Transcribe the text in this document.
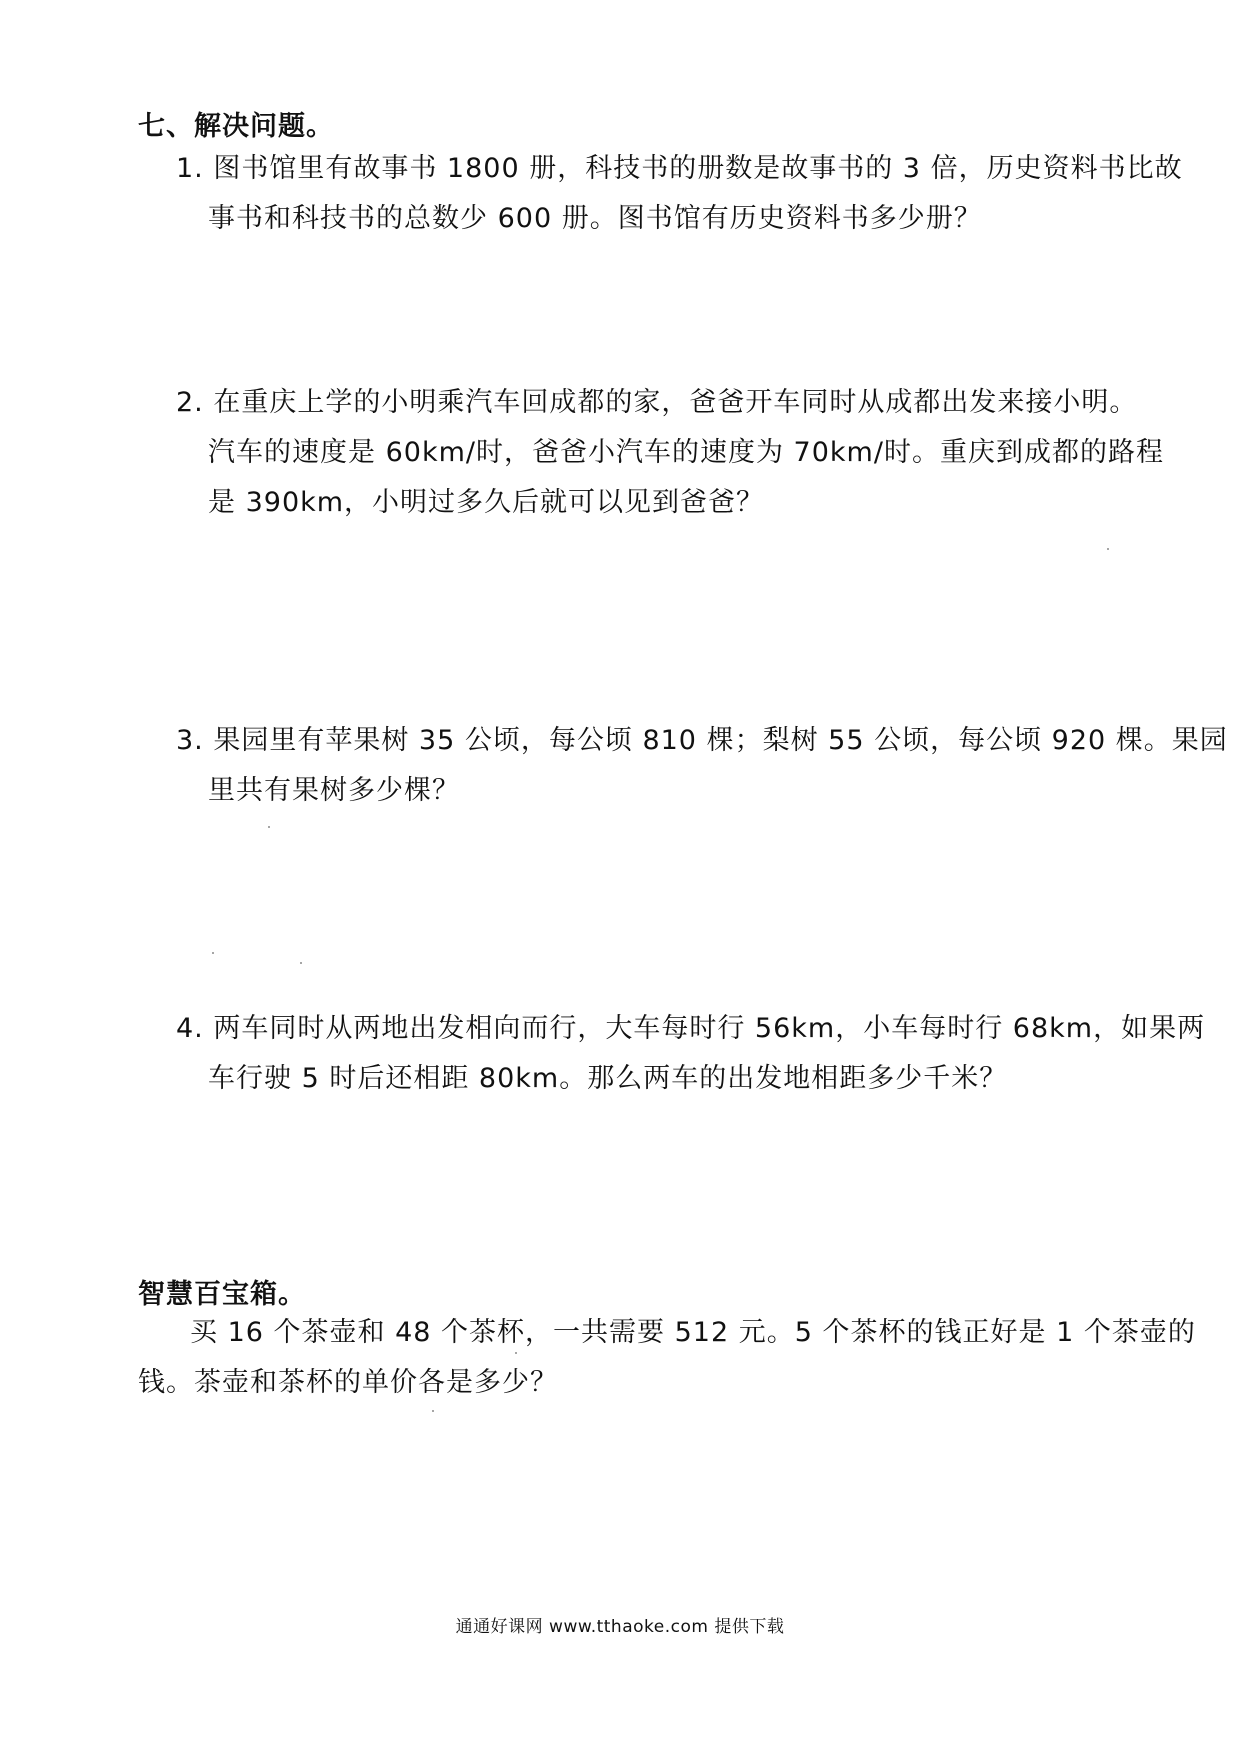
七、解决问题。
1. 图书馆里有故事书 1800 册，科技书的册数是故事书的 3 倍，历史资料书比故
事书和科技书的总数少 600 册。图书馆有历史资料书多少册？
2. 在重庆上学的小明乘汽车回成都的家，爸爸开车同时从成都出发来接小明。
汽车的速度是 60km/时，爸爸小汽车的速度为 70km/时。重庆到成都的路程
是 390km，小明过多久后就可以见到爸爸？
3. 果园里有苹果树 35 公顷，每公顷 810 棵；梨树 55 公顷，每公顷 920 棵。果园
里共有果树多少棵？
4. 两车同时从两地出发相向而行，大车每时行 56km，小车每时行 68km，如果两
车行驶 5 时后还相距 80km。那么两车的出发地相距多少千米？
智慧百宝箱。
买 16 个茶壶和 48 个茶杯，一共需要 512 元。5 个茶杯的钱正好是 1 个茶壶的
钱。茶壶和茶杯的单价各是多少？
通通好课网 www.tthaoke.com 提供下载
